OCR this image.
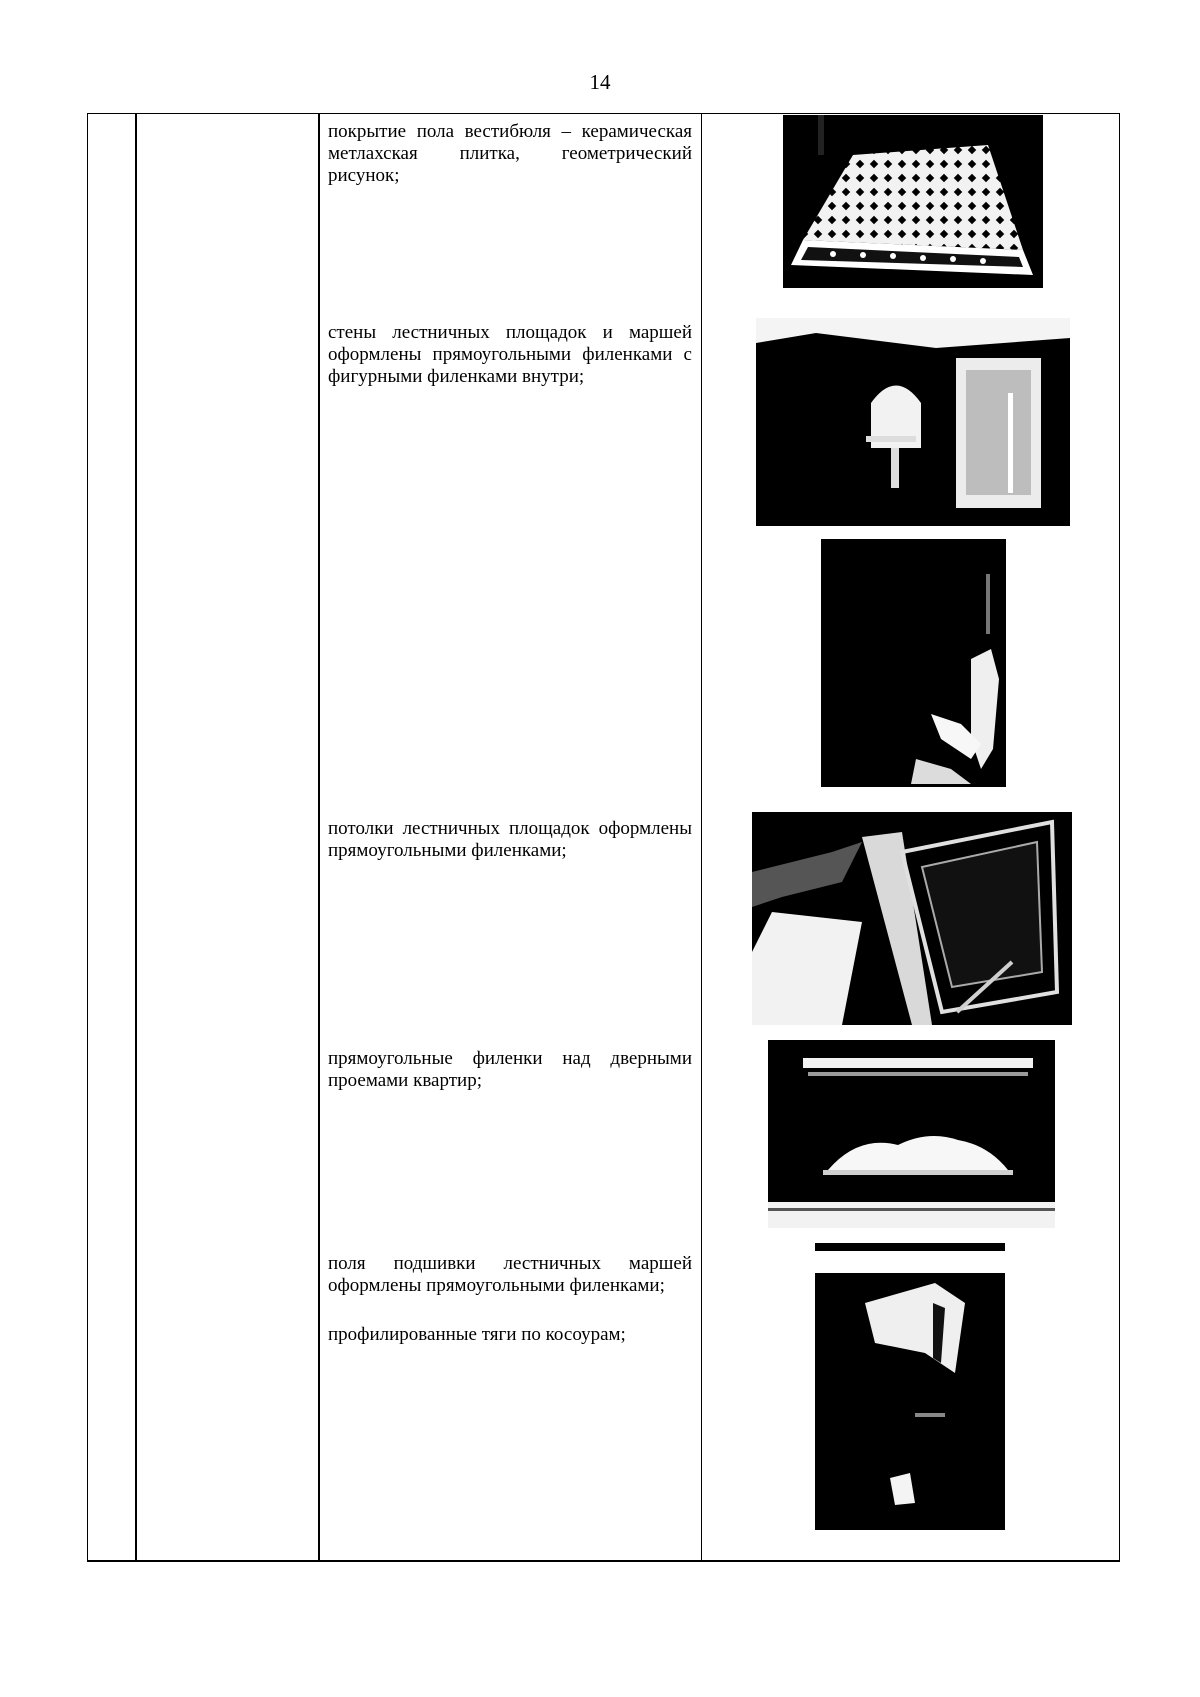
14
покрытие пола вестибюля – керамическая метлахская плитка, геометрический рисунок;
стены лестничных площадок и маршей оформлены прямоугольными филенками с фигурными филенками внутри;
потолки лестничных площадок оформлены прямоугольными филенками;
прямоугольные филенки над дверными проемами квартир;
поля подшивки лестничных маршей оформлены прямоугольными филенками;
профилированные тяги по косоурам;
